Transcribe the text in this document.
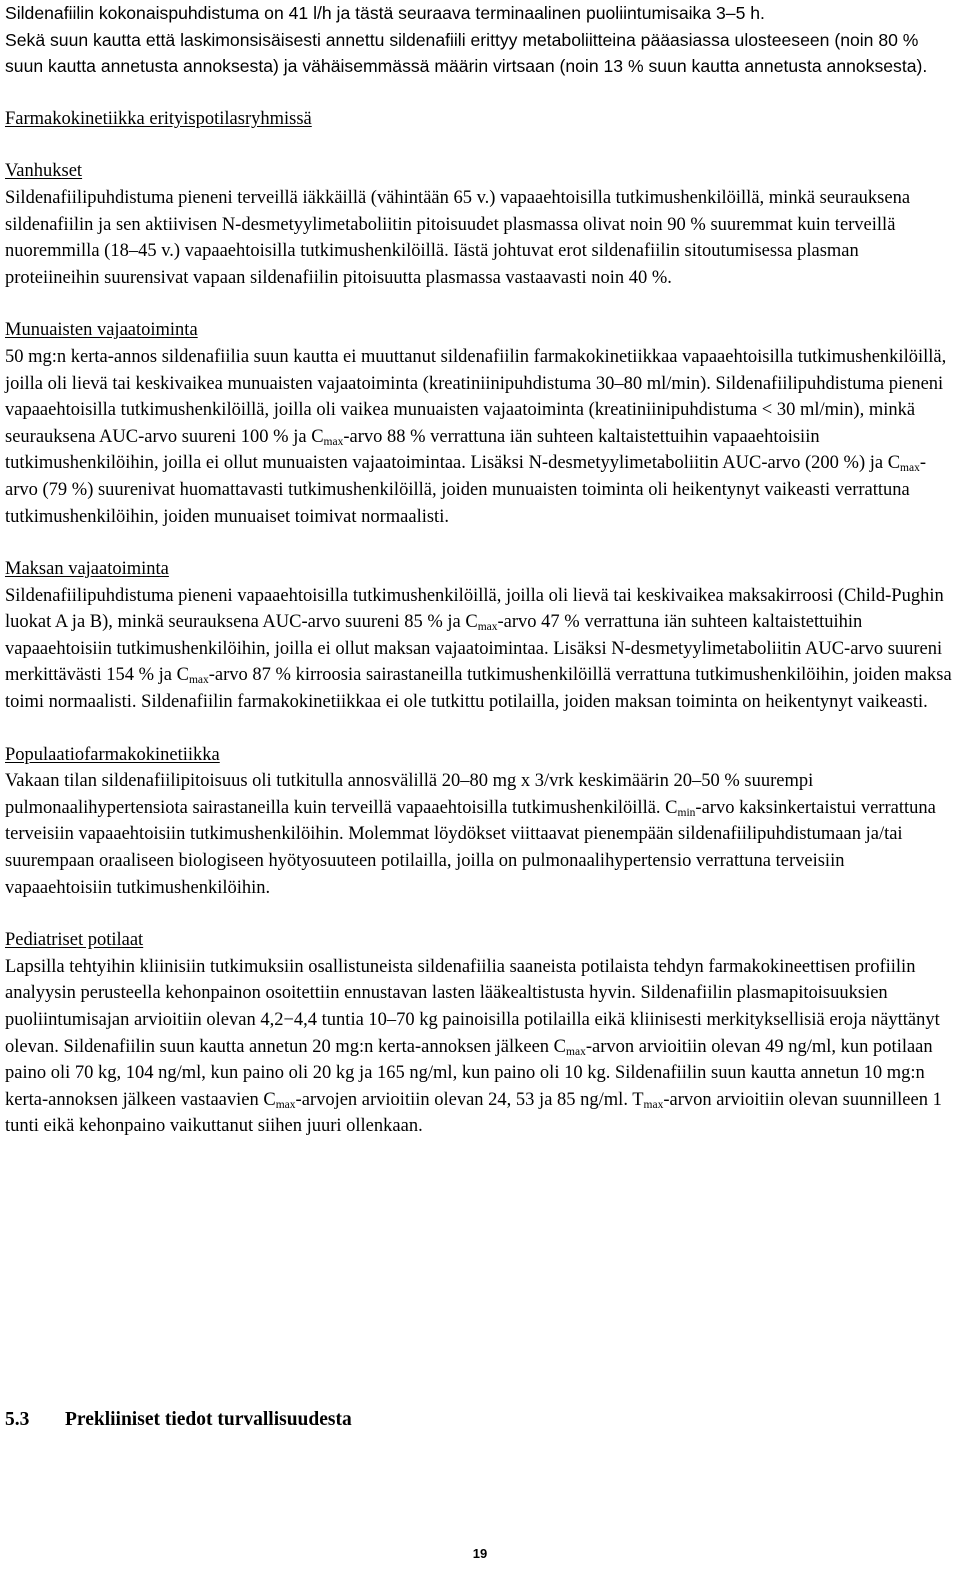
Sildenafiilin kokonaispuhdistuma on 41 l/h ja tästä seuraava terminaalinen puoliintumisaika 3–5 h.
Sekä suun kautta että laskimonsisäisesti annettu sildenafiili erittyy metaboliitteina pääasiassa ulosteeseen (noin 80 % suun kautta annetusta annoksesta) ja vähäisemmässä määrin virtsaan (noin 13 % suun kautta annetusta annoksesta).

Farmakokinetiikka erityispotilasryhmissä

Vanhukset

Sildenafiilipuhdistuma pieneni terveillä iäkkäillä (vähintään 65 v.) vapaaehtoisilla tutkimushenkilöillä, minkä seurauksena sildenafiilin ja sen aktiivisen N-desmetyylimetaboliitin pitoisuudet plasmassa olivat noin 90 % suuremmat kuin terveillä nuoremmilla (18–45 v.) vapaaehtoisilla tutkimushenkilöillä. Iästä johtuvat erot sildenafiilin sitoutumisessa plasman proteiineihin suurensivat vapaan sildenafiilin pitoisuutta plasmassa vastaavasti noin 40 %.

Munuaisten vajaatoiminta

50 mg:n kerta-annos sildenafiilia suun kautta ei muuttanut sildenafiilin farmakokinetiikkaa vapaaehtoisilla tutkimushenkilöillä, joilla oli lievä tai keskivaikea munuaisten vajaatoiminta (kreatiniinipuhdistuma 30–80 ml/min). Sildenafiilipuhdistuma pieneni vapaaehtoisilla tutkimushenkilöillä, joilla oli vaikea munuaisten vajaatoiminta (kreatiniinipuhdistuma < 30 ml/min), minkä seurauksena AUC-arvo suureni 100 % ja $C_{max}$-arvo 88 % verrattuna iän suhteen kaltaistettuihin vapaaehtoisiin tutkimushenkilöihin, joilla ei ollut munuaisten vajaatoimintaa. Lisäksi N-desmetyylimetaboliitin AUC-arvo (200 %) ja $C_{max}$-arvo (79 %) suurenivat huomattavasti tutkimushenkilöillä, joiden munuaisten toiminta oli heikentynyt vaikeasti verrattuna tutkimushenkilöihin, joiden munuaiset toimivat normaalisti.

Maksan vajaatoiminta

Sildenafiilipuhdistuma pieneni vapaaehtoisilla tutkimushenkilöillä, joilla oli lievä tai keskivaikea maksakirroosi (Child-Pughin luokat A ja B), minkä seurauksena AUC-arvo suureni 85 % ja $C_{max}$-arvo 47 % verrattuna iän suhteen kaltaistettuihin vapaaehtoisiin tutkimushenkilöihin, joilla ei ollut maksan vajaatoimintaa. Lisäksi N-desmetyylimetaboliitin AUC-arvo suureni merkittävästi 154 % ja $C_{max}$-arvo 87 % kirroosia sairastaneilla tutkimushenkilöillä verrattuna tutkimushenkilöihin, joiden maksa toimi normaalisti. Sildenafiilin farmakokinetiikkaa ei ole tutkittu potilailla, joiden maksan toiminta on heikentynyt vaikeasti.

Populaatiofarmakokinetiikka

Vakaan tilan sildenafiilipitoisuus oli tutkitulla annosvälillä 20–80 mg x 3/vrk keskimäärin 20–50 % suurempi pulmonaalihypertensiota sairastaneilla kuin terveillä vapaaehtoisilla tutkimushenkilöillä. $C_{min}$-arvo kaksinkertaistui verrattuna terveisiin vapaaehtoisiin tutkimushenkilöihin. Molemmat löydökset viittaavat pienempään sildenafiilipuhdistumaan ja/tai suurempaan oraaliseen biologiseen hyötyosuuteen potilailla, joilla on pulmonaalihypertensio verrattuna terveisiin vapaaehtoisiin tutkimushenkilöihin.

Pediatriset potilaat

Lapsilla tehtyihin kliinisiin tutkimuksiin osallistuneista sildenafiilia saaneista potilaista tehdyn farmakokineettisen profiilin analyysin perusteella kehonpainon osoitettiin ennustavan lasten lääkealtistusta hyvin. Sildenafiilin plasmapitoisuuksien puoliintumisajan arvioitiin olevan 4,2−4,4 tuntia 10–70 kg painoisilla potilailla eikä kliinisesti merkityksellisiä eroja näyttänyt olevan. Sildenafiilin suun kautta annetun 20 mg:n kerta-annoksen jälkeen $C_{max}$-arvon arvioitiin olevan 49 ng/ml, kun potilaan paino oli 70 kg, 104 ng/ml, kun paino oli 20 kg ja 165 ng/ml, kun paino oli 10 kg. Sildenafiilin suun kautta annetun 10 mg:n kerta-annoksen jälkeen vastaavien $C_{max}$-arvojen arvioitiin olevan 24, 53 ja 85 ng/ml. $T_{max}$-arvon arvioitiin olevan suunnilleen 1 tunti eikä kehonpaino vaikuttanut siihen juuri ollenkaan.

5.3 Prekliiniset tiedot turvallisuudesta
19
